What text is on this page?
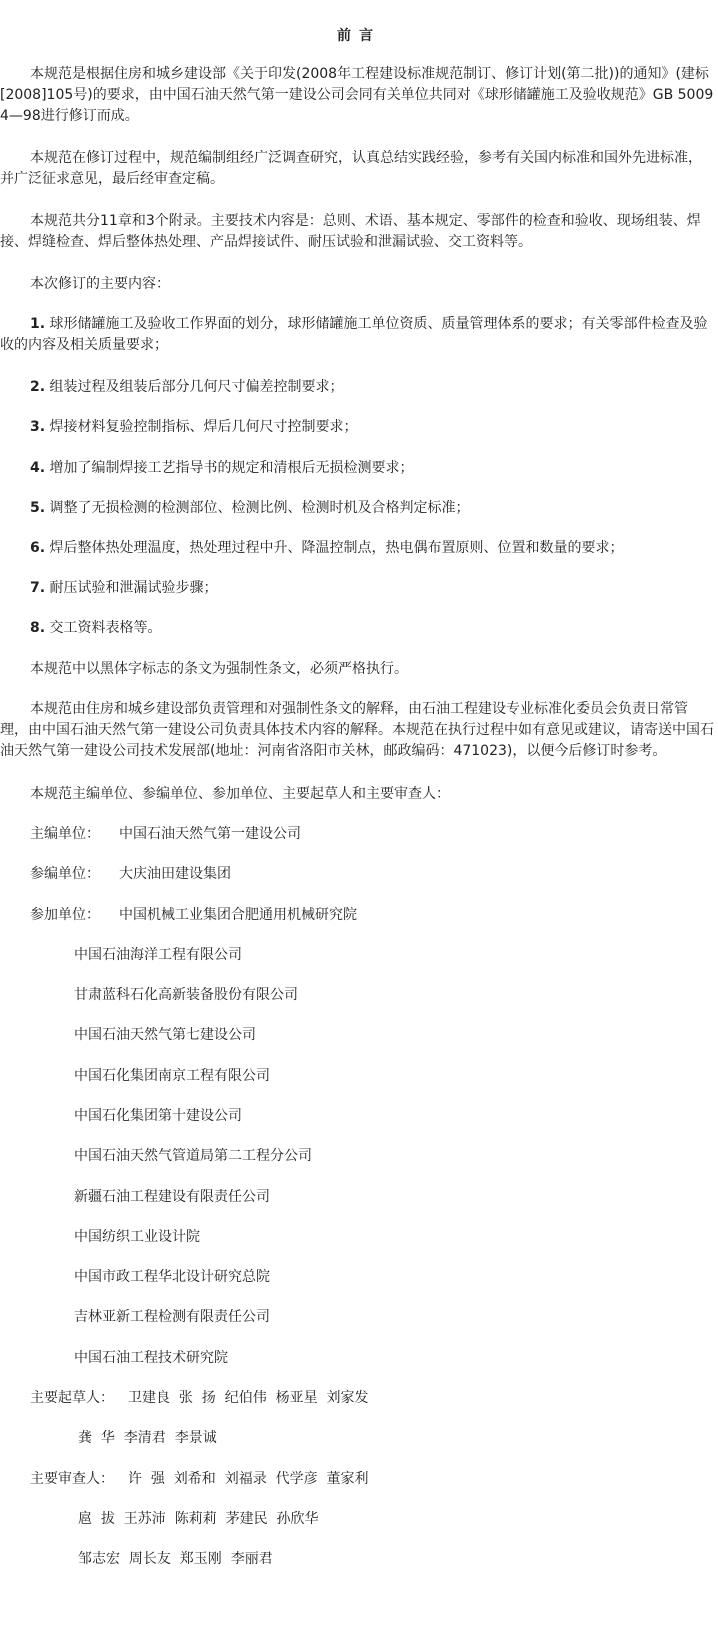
前言
本规范是根据住房和城乡建设部《关于印发(2008年工程建设标准规范制订、修订计划(第二批))的通知》(建标[2008]105号)的要求，由中国石油天然气第一建设公司会同有关单位共同对《球形储罐施工及验收规范》GB 50094—98进行修订而成。
本规范在修订过程中，规范编制组经广泛调查研究，认真总结实践经验，参考有关国内标准和国外先进标准，并广泛征求意见，最后经审查定稿。
本规范共分11章和3个附录。主要技术内容是：总则、术语、基本规定、零部件的检查和验收、现场组装、焊接、焊缝检查、焊后整体热处理、产品焊接试件、耐压试验和泄漏试验、交工资料等。
本次修订的主要内容：
1. 球形储罐施工及验收工作界面的划分，球形储罐施工单位资质、质量管理体系的要求；有关零部件检查及验收的内容及相关质量要求；
2. 组装过程及组装后部分几何尺寸偏差控制要求；
3. 焊接材料复验控制指标、焊后几何尺寸控制要求；
4. 增加了编制焊接工艺指导书的规定和清根后无损检测要求；
5. 调整了无损检测的检测部位、检测比例、检测时机及合格判定标准；
6. 焊后整体热处理温度，热处理过程中升、降温控制点，热电偶布置原则、位置和数量的要求；
7. 耐压试验和泄漏试验步骤；
8. 交工资料表格等。
本规范中以黑体字标志的条文为强制性条文，必须严格执行。
本规范由住房和城乡建设部负责管理和对强制性条文的解释，由石油工程建设专业标准化委员会负责日常管理，由中国石油天然气第一建设公司负责具体技术内容的解释。本规范在执行过程中如有意见或建议，请寄送中国石油天然气第一建设公司技术发展部(地址：河南省洛阳市关林，邮政编码：471023)，以便今后修订时参考。
本规范主编单位、参编单位、参加单位、主要起草人和主要审查人：
主编单位： 中国石油天然气第一建设公司
参编单位： 大庆油田建设集团
参加单位： 中国机械工业集团合肥通用机械研究院
中国石油海洋工程有限公司
甘肃蓝科石化高新装备股份有限公司
中国石油天然气第七建设公司
中国石化集团南京工程有限公司
中国石化集团第十建设公司
中国石油天然气管道局第二工程分公司
新疆石油工程建设有限责任公司
中国纺织工业设计院
中国市政工程华北设计研究总院
吉林亚新工程检测有限责任公司
中国石油工程技术研究院
主要起草人： 卫建良  张  扬  纪伯伟  杨亚星  刘家发
龚  华  李清君  李景诚
主要审查人： 许  强  刘希和  刘福录  代学彦  董家利
扈  拔  王苏沛  陈莉莉  茅建民  孙欣华
邹志宏  周长友  郑玉刚  李丽君
